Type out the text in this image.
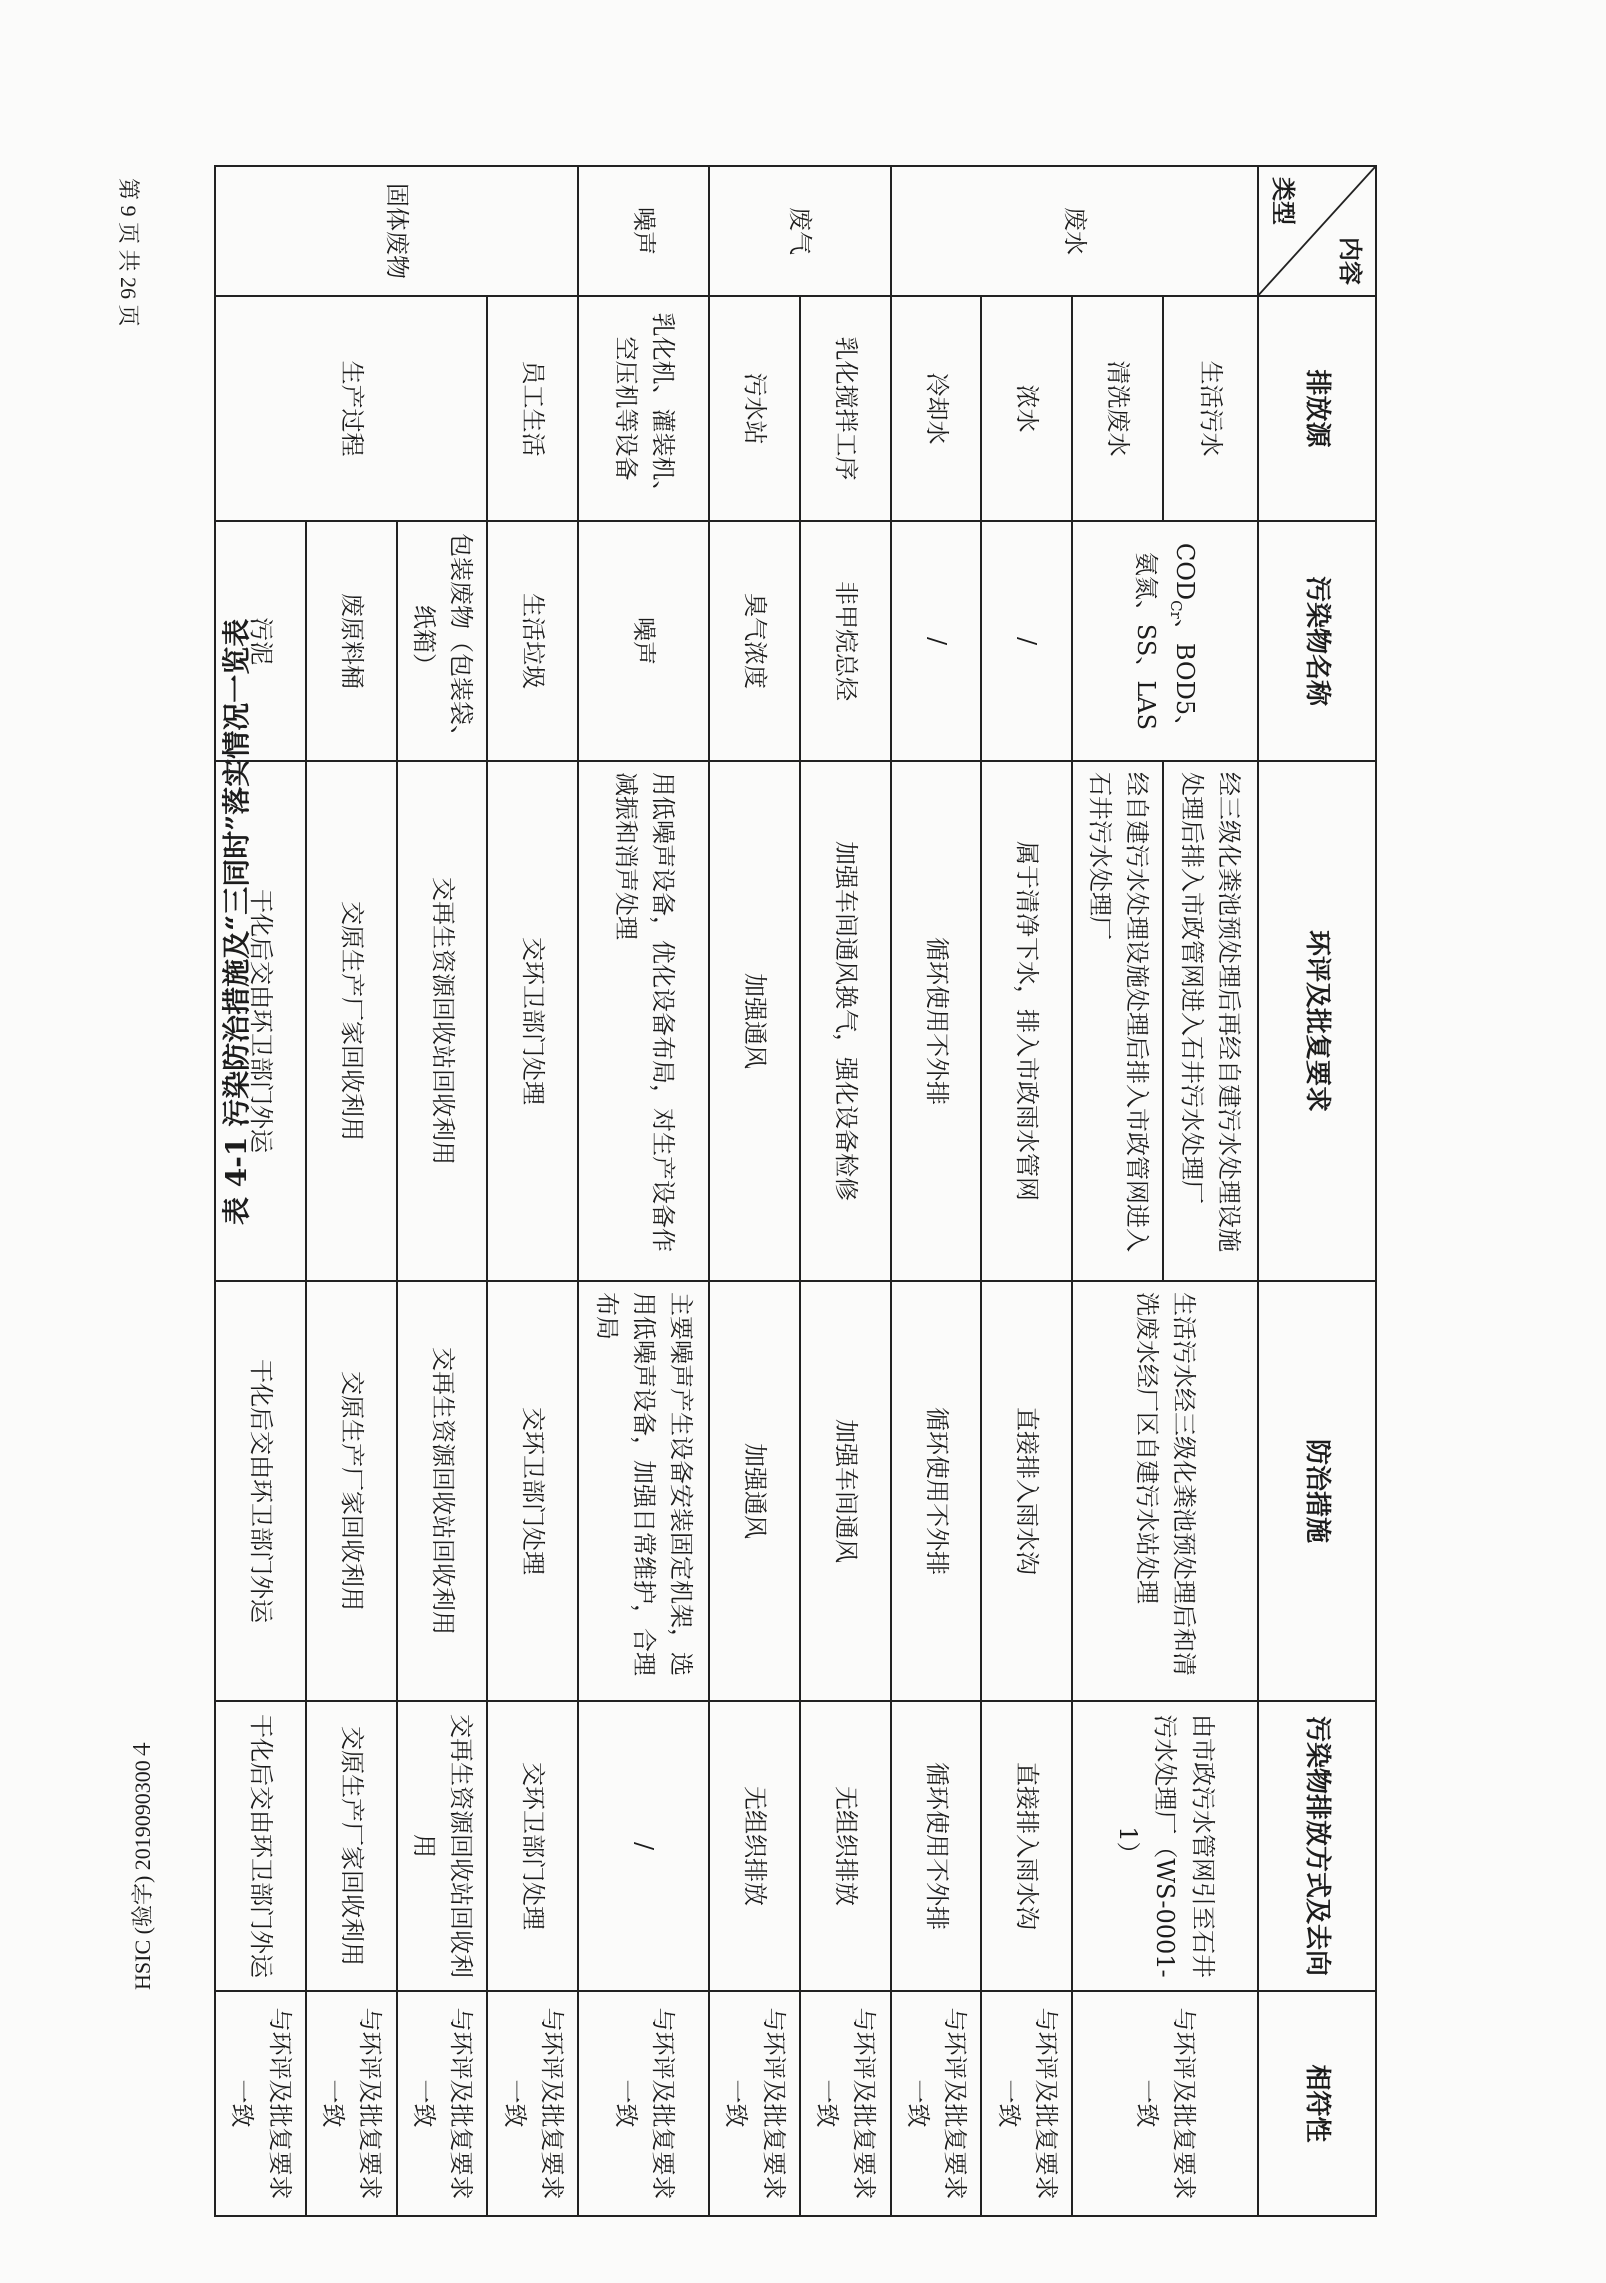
HSIC (验字) 2019090300４
第 9 页 共 26 页
表 4-1 污染防治措施及“三同时”落实情况一览表
内容
类型	排放源	污染物名称	环评及批复要求	防治措施	污染物排放方式及去向	相符性
废水	生活污水	$COD_{Cr}$、BOD5、氨氮、SS、LAS	经三级化粪池预处理后再经自建污水处理设施处理后排入市政管网进入石井污水处理厂	生活污水经三级化粪池预处理后和清洗废水经厂区自建污水站处理	由市政污水管网引至石井污水处理厂（WS-0001-1）	与环评及批复要求一致
	清洗废水		经自建污水处理设施处理后排入市政管网进入石井污水处理厂			
	浓水	/	属于清净下水，排入市政雨水管网	直接排入雨水沟	直接排入雨水沟	与环评及批复要求一致
	冷却水	/	循环使用不外排	循环使用不外排	循环使用不外排	与环评及批复要求一致
废气	乳化搅拌工序	非甲烷总烃	加强车间通风换气，强化设备检修	加强车间通风	无组织排放	与环评及批复要求一致
	污水站	臭气浓度	加强通风	加强通风	无组织排放	与环评及批复要求一致
噪声	乳化机、灌装机、空压机等设备	噪声	用低噪声设备，优化设备布局，对生产设备作减振和消声处理	主要噪声产生设备安装固定机架，选用低噪声设备，加强日常维护，合理布局	/	与环评及批复要求一致
固体废物	员工生活	生活垃圾	交环卫部门处理	交环卫部门处理	交环卫部门处理	与环评及批复要求一致
	生产过程	包装废物（包装袋、纸箱）	交再生资源回收站回收利用	交再生资源回收站回收利用	交再生资源回收站回收利用	与环评及批复要求一致
		废原料桶	交原生产厂家回收利用	交原生产厂家回收利用	交原生产厂家回收利用	与环评及批复要求一致
		污泥	干化后交由环卫部门外运	干化后交由环卫部门外运	干化后交由环卫部门外运	与环评及批复要求一致
